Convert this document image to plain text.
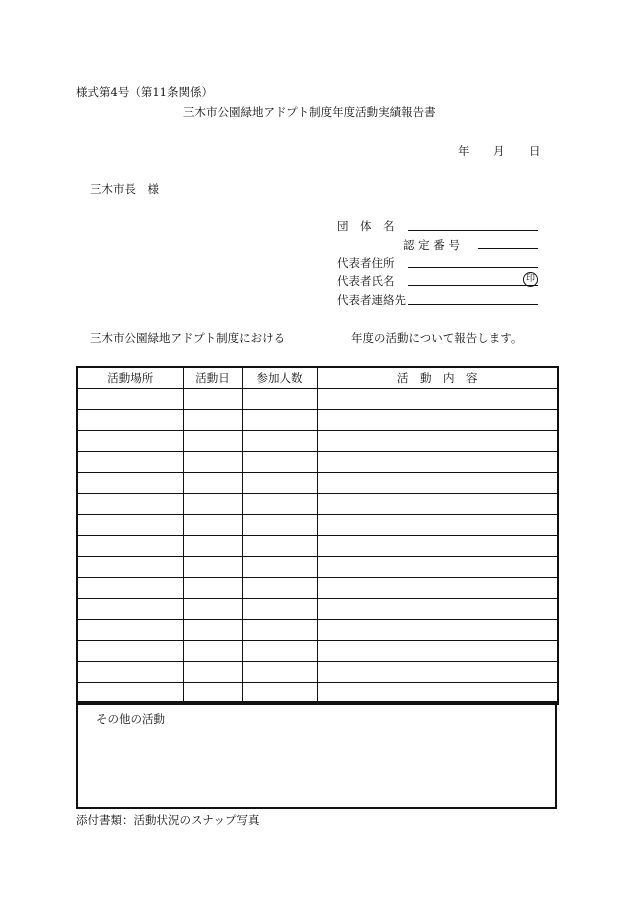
様式第4号（第11条関係）
三木市公園緑地アドプト制度年度活動実績報告書
年 月 日
三木市長　様
団　体　名
認 定 番 号
代表者住所
代表者氏名	印
代表者連絡先
三木市公園緑地アドプト制度における	年度の活動について報告します。
活動場所	活動日	参加人数	活　動　内　容

その他の活動
添付書類：活動状況のスナップ写真
